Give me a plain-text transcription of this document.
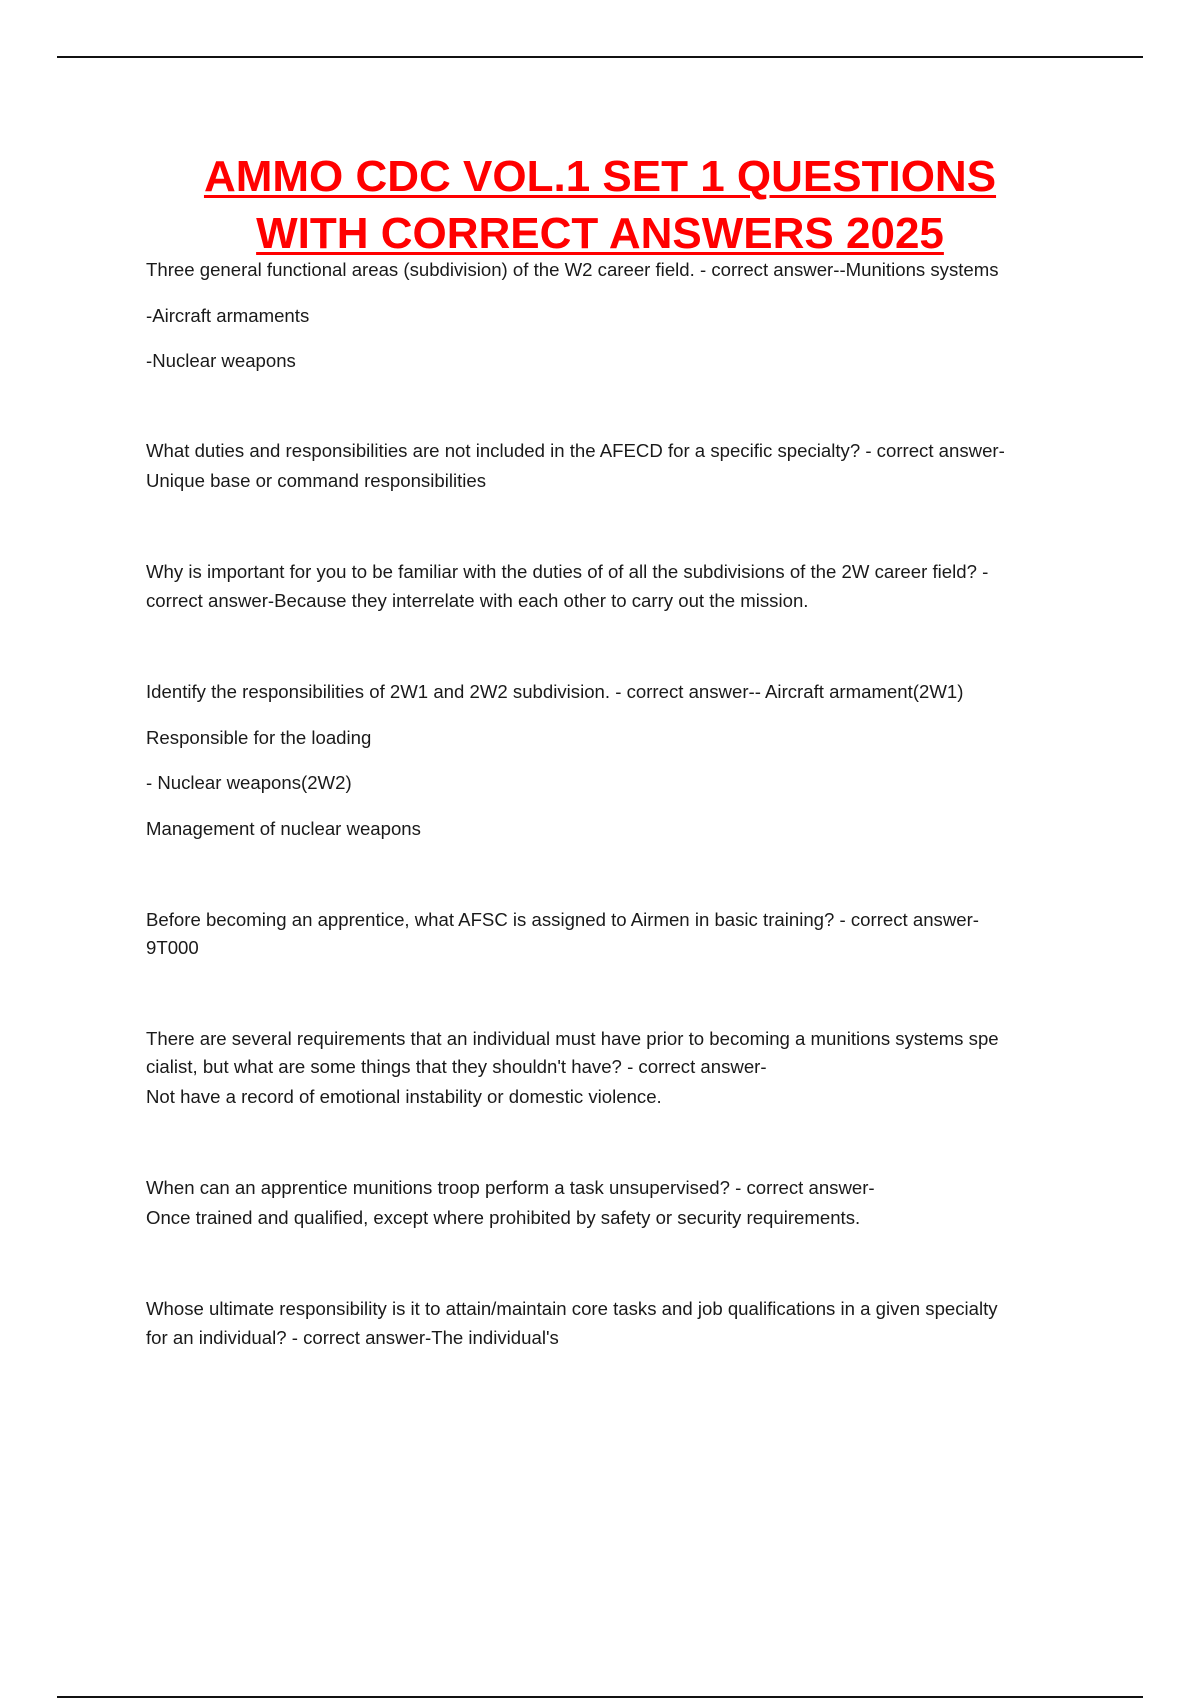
AMMO CDC VOL.1 SET 1 QUESTIONS
WITH CORRECT ANSWERS 2025
Three general functional areas (subdivision) of the W2 career field. - correct answer--Munitions systems
-Aircraft armaments
-Nuclear weapons
What duties and responsibilities are not included in the AFECD for a specific specialty? - correct answer-
Unique base or command responsibilities
Why is important for you to be familiar with the duties of of all the subdivisions of the 2W career field? -
correct answer-Because they interrelate with each other to carry out the mission.
Identify the responsibilities of 2W1 and 2W2 subdivision. - correct answer-- Aircraft armament(2W1)
Responsible for the loading
- Nuclear weapons(2W2)
Management of nuclear weapons
Before becoming an apprentice, what AFSC is assigned to Airmen in basic training? - correct answer-
9T000
There are several requirements that an individual must have prior to becoming a munitions systems spe
cialist, but what are some things that they shouldn't have? - correct answer-
Not have a record of emotional instability or domestic violence.
When can an apprentice munitions troop perform a task unsupervised? - correct answer-
Once trained and qualified, except where prohibited by safety or security requirements.
Whose ultimate responsibility is it to attain/maintain core tasks and job qualifications in a given specialty
for an individual? - correct answer-The individual's
